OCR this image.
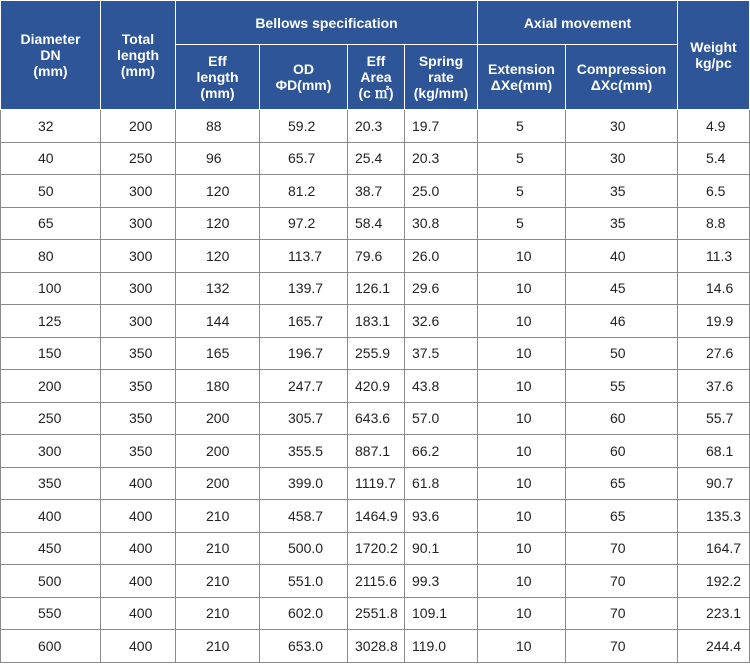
Diameter
DN
(mm)	Total
length
(mm)	Bellows specification				Axial movement		Weight
kg/pc

		Eff
length
(mm)	OD
ΦD(mm)	Eff
Area
(c ㎡)	Spring
rate
(kg/mm)	Extension
ΔXe(mm)	Compression
ΔXc(mm)	

32	200	88	59.2	20.3	19.7	5	30	4.9
40	250	96	65.7	25.4	20.3	5	30	5.4
50	300	120	81.2	38.7	25.0	5	35	6.5
65	300	120	97.2	58.4	30.8	5	35	8.8
80	300	120	113.7	79.6	26.0	10	40	11.3
100	300	132	139.7	126.1	29.6	10	45	14.6
125	300	144	165.7	183.1	32.6	10	46	19.9
150	350	165	196.7	255.9	37.5	10	50	27.6
200	350	180	247.7	420.9	43.8	10	55	37.6
250	350	200	305.7	643.6	57.0	10	60	55.7
300	350	200	355.5	887.1	66.2	10	60	68.1
350	400	200	399.0	1119.7	61.8	10	65	90.7
400	400	210	458.7	1464.9	93.6	10	65	135.3
450	400	210	500.0	1720.2	90.1	10	70	164.7
500	400	210	551.0	2115.6	99.3	10	70	192.2
550	400	210	602.0	2551.8	109.1	10	70	223.1
600	400	210	653.0	3028.8	119.0	10	70	244.4
